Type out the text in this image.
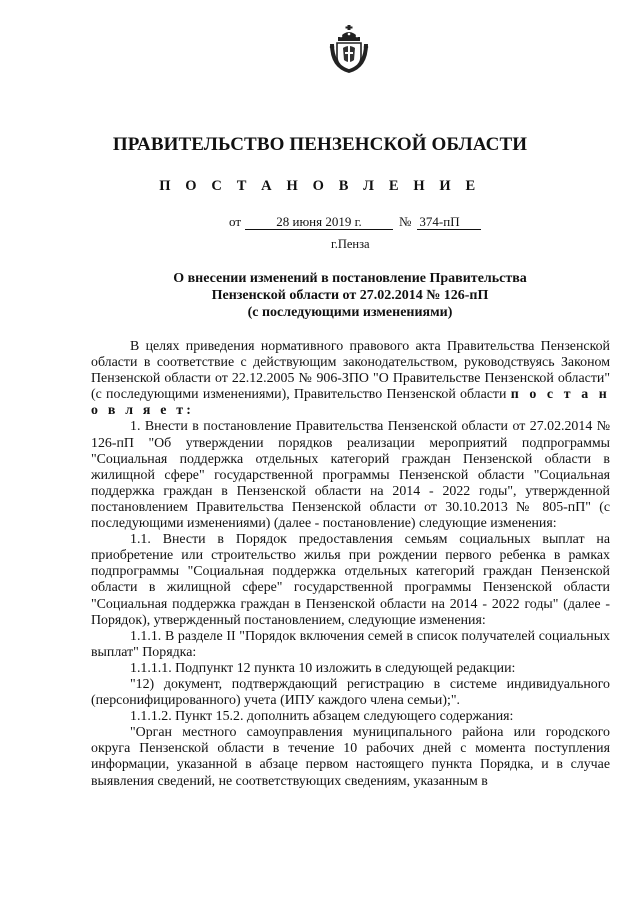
ПРАВИТЕЛЬСТВО ПЕНЗЕНСКОЙ ОБЛАСТИ
П О С Т А Н О В Л Е Н И Е
от	28 июня 2019 г.	№ 374-пП
г.Пенза
О внесении изменений в постановление Правительства
Пензенской области от 27.02.2014 № 126-пП
(с последующими изменениями)

В целях приведения нормативного правового акта Правительства Пензенской области в соответствие с действующим законодательством, руководствуясь Законом Пензенской области от 22.12.2005 № 906-ЗПО "О Правительстве Пензенской области" (с последующими изменениями), Правительство Пензенской области п о с т а н о в л я е т:

1. Внести в постановление Правительства Пензенской области от 27.02.2014 № 126-пП "Об утверждении порядков реализации мероприятий подпрограммы "Социальная поддержка отдельных категорий граждан Пензенской области в жилищной сфере" государственной программы Пензенской области "Социальная поддержка граждан в Пензенской области на 2014 - 2022 годы", утвержденной постановлением Правительства Пензенской области от 30.10.2013 № 805-пП" (с последующими изменениями) (далее - постановление) следующие изменения:

1.1. Внести в Порядок предоставления семьям социальных выплат на приобретение или строительство жилья при рождении первого ребенка в рамках подпрограммы "Социальная поддержка отдельных категорий граждан Пензенской области в жилищной сфере" государственной программы Пензенской области "Социальная поддержка граждан в Пензенской области на 2014 - 2022 годы" (далее - Порядок), утвержденный постановлением, следующие изменения:

1.1.1. В разделе II "Порядок включения семей в список получателей социальных выплат" Порядка:

1.1.1.1. Подпункт 12 пункта 10 изложить в следующей редакции:

"12) документ, подтверждающий регистрацию в системе индивидуального (персонифицированного) учета (ИПУ каждого члена семьи);".

1.1.1.2. Пункт 15.2. дополнить абзацем следующего содержания:

"Орган местного самоуправления муниципального района или городского округа Пензенской области в течение 10 рабочих дней с момента поступления информации, указанной в абзаце первом настоящего пункта Порядка, и в случае выявления сведений, не соответствующих сведениям, указанным в
